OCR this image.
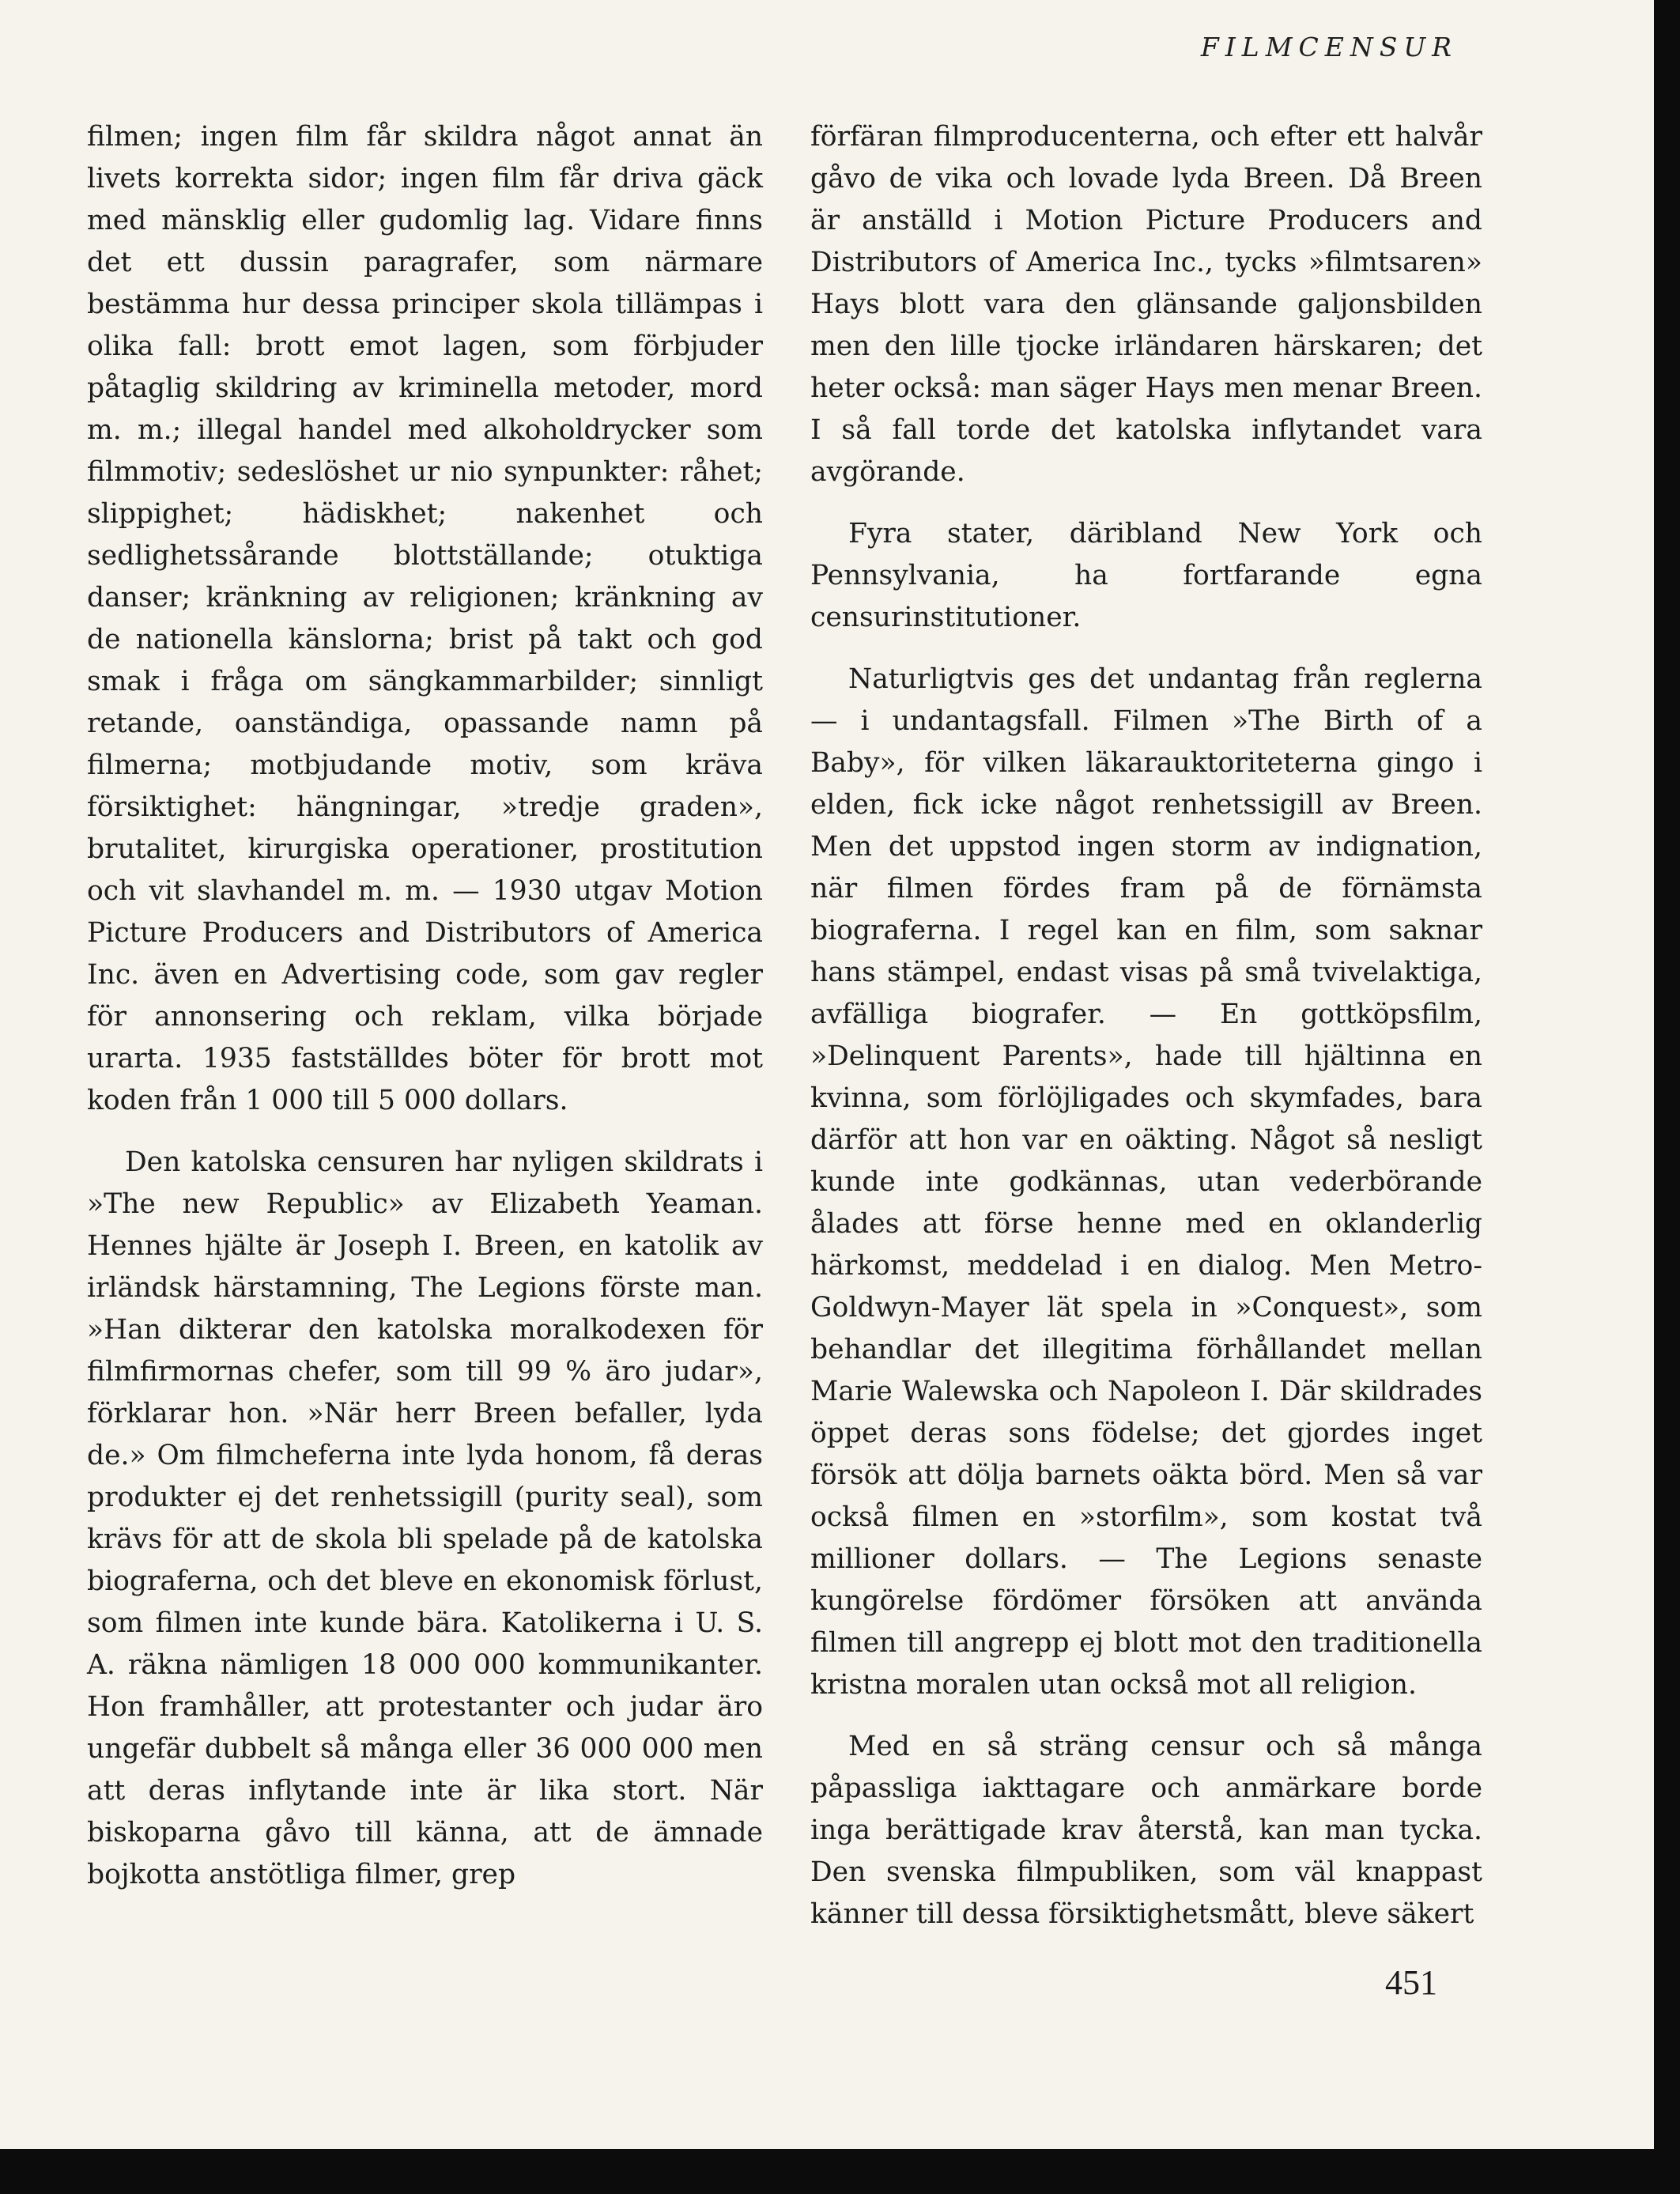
FILMCENSUR

filmen; ingen film får skildra något annat än livets korrekta sidor; ingen film får driva gäck med mänsklig eller gudomlig lag. Vidare finns det ett dussin paragrafer, som närmare bestämma hur dessa principer skola tillämpas i olika fall: brott emot lagen, som förbjuder påtaglig skildring av kriminella metoder, mord m. m.; illegal handel med alkoholdrycker som filmmotiv; sedeslöshet ur nio synpunkter: råhet; slippighet; hädiskhet; nakenhet och sedlighetssårande blottställande; otuktiga danser; kränkning av religionen; kränkning av de nationella känslorna; brist på takt och god smak i fråga om sängkammarbilder; sinnligt retande, oanständiga, opassande namn på filmerna; motbjudande motiv, som kräva försiktighet: hängningar, »tredje graden», brutalitet, kirurgiska operationer, prostitution och vit slavhandel m. m. — 1930 utgav Motion Picture Producers and Distributors of America Inc. även en Advertising code, som gav regler för annonsering och reklam, vilka började urarta. 1935 fastställdes böter för brott mot koden från 1 000 till 5 000 dollars.

Den katolska censuren har nyligen skildrats i »The new Republic» av Elizabeth Yeaman. Hennes hjälte är Joseph I. Breen, en katolik av irländsk härstamning, The Legions förste man. »Han dikterar den katolska moralkodexen för filmfirmornas chefer, som till 99 % äro judar», förklarar hon. »När herr Breen befaller, lyda de.» Om filmcheferna inte lyda honom, få deras produkter ej det renhetssigill (purity seal), som krävs för att de skola bli spelade på de katolska biograferna, och det bleve en ekonomisk förlust, som filmen inte kunde bära. Katolikerna i U. S. A. räkna nämligen 18 000 000 kommunikanter. Hon framhåller, att protestanter och judar äro ungefär dubbelt så många eller 36 000 000 men att deras inflytande inte är lika stort. När biskoparna gåvo till känna, att de ämnade bojkotta anstötliga filmer, grep

förfäran filmproducenterna, och efter ett halvår gåvo de vika och lovade lyda Breen. Då Breen är anställd i Motion Picture Producers and Distributors of America Inc., tycks »filmtsaren» Hays blott vara den glänsande galjonsbilden men den lille tjocke irländaren härskaren; det heter också: man säger Hays men menar Breen. I så fall torde det katolska inflytandet vara avgörande.

Fyra stater, däribland New York och Pennsylvania, ha fortfarande egna censurinstitutioner.

Naturligtvis ges det undantag från reglerna — i undantagsfall. Filmen »The Birth of a Baby», för vilken läkarauktoriteterna gingo i elden, fick icke något renhetssigill av Breen. Men det uppstod ingen storm av indignation, när filmen fördes fram på de förnämsta biograferna. I regel kan en film, som saknar hans stämpel, endast visas på små tvivelaktiga, avfälliga biografer. — En gottköpsfilm, »Delinquent Parents», hade till hjältinna en kvinna, som förlöjligades och skymfades, bara därför att hon var en oäkting. Något så nesligt kunde inte godkännas, utan vederbörande ålades att förse henne med en oklanderlig härkomst, meddelad i en dialog. Men Metro-Goldwyn-Mayer lät spela in »Conquest», som behandlar det illegitima förhållandet mellan Marie Walewska och Napoleon I. Där skildrades öppet deras sons födelse; det gjordes inget försök att dölja barnets oäkta börd. Men så var också filmen en »storfilm», som kostat två millioner dollars. — The Legions senaste kungörelse fördömer försöken att använda filmen till angrepp ej blott mot den traditionella kristna moralen utan också mot all religion.

Med en så sträng censur och så många påpassliga iakttagare och anmärkare borde inga berättigade krav återstå, kan man tycka. Den svenska filmpubliken, som väl knappast känner till dessa försiktighetsmått, bleve säkert

451
